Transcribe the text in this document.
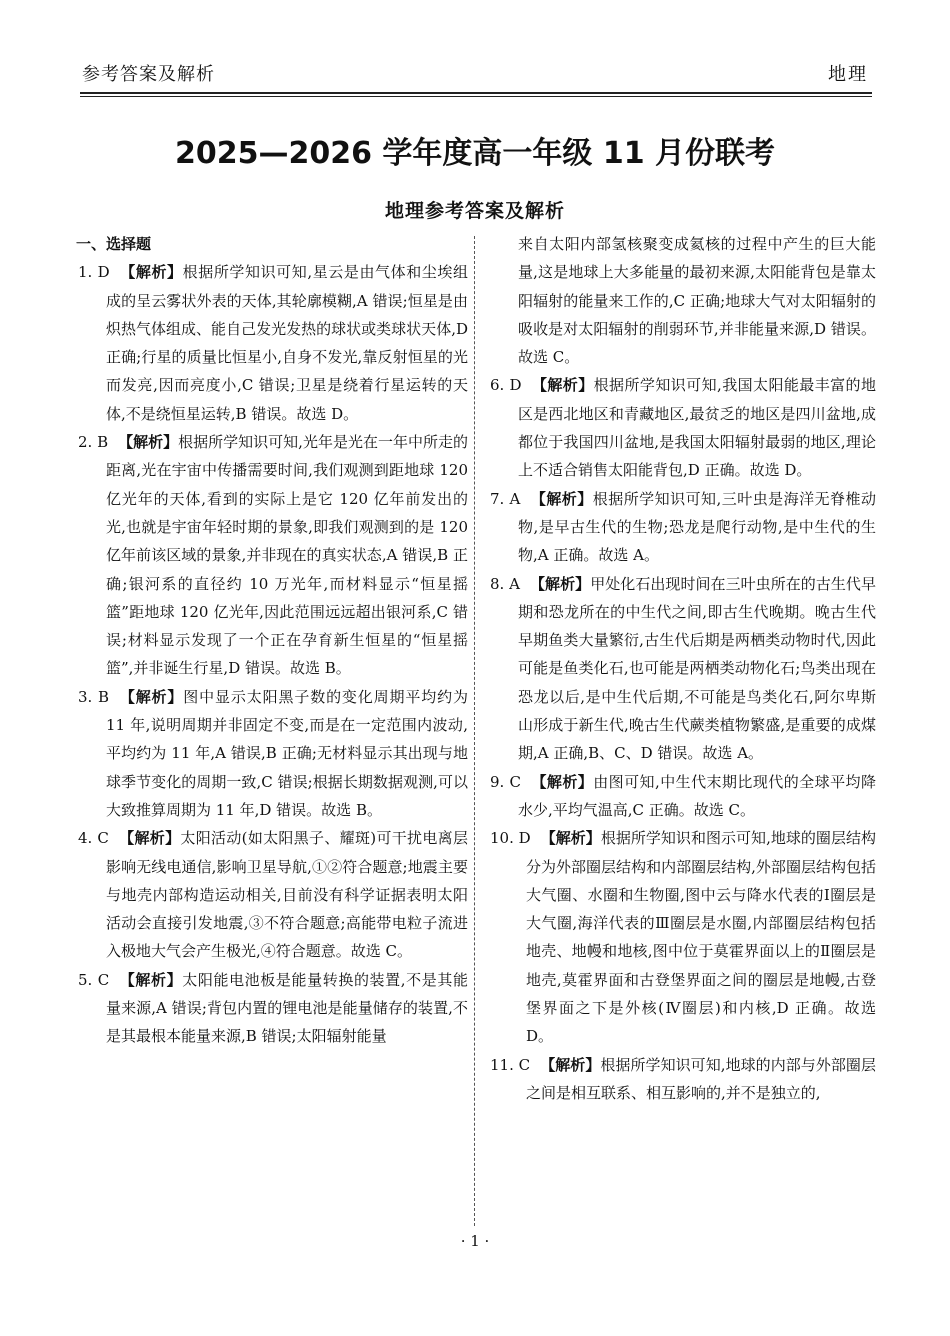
参考答案及解析	地理
2025—2026 学年度高一年级 11 月份联考
地理参考答案及解析
一、选择题
1. D 【解析】根据所学知识可知,星云是由气体和尘埃组成的呈云雾状外表的天体,其轮廓模糊,A 错误;恒星是由炽热气体组成、能自己发光发热的球状或类球状天体,D 正确;行星的质量比恒星小,自身不发光,靠反射恒星的光而发亮,因而亮度小,C 错误;卫星是绕着行星运转的天体,不是绕恒星运转,B 错误。故选 D。
2. B 【解析】根据所学知识可知,光年是光在一年中所走的距离,光在宇宙中传播需要时间,我们观测到距地球 120 亿光年的天体,看到的实际上是它 120 亿年前发出的光,也就是宇宙年轻时期的景象,即我们观测到的是 120 亿年前该区域的景象,并非现在的真实状态,A 错误,B 正确;银河系的直径约 10 万光年,而材料显示“恒星摇篮”距地球 120 亿光年,因此范围远远超出银河系,C 错误;材料显示发现了一个正在孕育新生恒星的“恒星摇篮”,并非诞生行星,D 错误。故选 B。
3. B 【解析】图中显示太阳黑子数的变化周期平均约为 11 年,说明周期并非固定不变,而是在一定范围内波动,平均约为 11 年,A 错误,B 正确;无材料显示其出现与地球季节变化的周期一致,C 错误;根据长期数据观测,可以大致推算周期为 11 年,D 错误。故选 B。
4. C 【解析】太阳活动(如太阳黑子、耀斑)可干扰电离层影响无线电通信,影响卫星导航,①②符合题意;地震主要与地壳内部构造运动相关,目前没有科学证据表明太阳活动会直接引发地震,③不符合题意;高能带电粒子流进入极地大气会产生极光,④符合题意。故选 C。
5. C 【解析】太阳能电池板是能量转换的装置,不是其能量来源,A 错误;背包内置的锂电池是能量储存的装置,不是其最根本能量来源,B 错误;太阳辐射能量
来自太阳内部氢核聚变成氦核的过程中产生的巨大能量,这是地球上大多能量的最初来源,太阳能背包是靠太阳辐射的能量来工作的,C 正确;地球大气对太阳辐射的吸收是对太阳辐射的削弱环节,并非能量来源,D 错误。故选 C。
6. D 【解析】根据所学知识可知,我国太阳能最丰富的地区是西北地区和青藏地区,最贫乏的地区是四川盆地,成都位于我国四川盆地,是我国太阳辐射最弱的地区,理论上不适合销售太阳能背包,D 正确。故选 D。
7. A 【解析】根据所学知识可知,三叶虫是海洋无脊椎动物,是早古生代的生物;恐龙是爬行动物,是中生代的生物,A 正确。故选 A。
8. A 【解析】甲处化石出现时间在三叶虫所在的古生代早期和恐龙所在的中生代之间,即古生代晚期。晚古生代早期鱼类大量繁衍,古生代后期是两栖类动物时代,因此可能是鱼类化石,也可能是两栖类动物化石;鸟类出现在恐龙以后,是中生代后期,不可能是鸟类化石,阿尔卑斯山形成于新生代,晚古生代蕨类植物繁盛,是重要的成煤期,A 正确,B、C、D 错误。故选 A。
9. C 【解析】由图可知,中生代末期比现代的全球平均降水少,平均气温高,C 正确。故选 C。
10. D 【解析】根据所学知识和图示可知,地球的圈层结构分为外部圈层结构和内部圈层结构,外部圈层结构包括大气圈、水圈和生物圈,图中云与降水代表的Ⅰ圈层是大气圈,海洋代表的Ⅲ圈层是水圈,内部圈层结构包括地壳、地幔和地核,图中位于莫霍界面以上的Ⅱ圈层是地壳,莫霍界面和古登堡界面之间的圈层是地幔,古登堡界面之下是外核(Ⅳ圈层)和内核,D 正确。故选 D。
11. C 【解析】根据所学知识可知,地球的内部与外部圈层之间是相互联系、相互影响的,并不是独立的,
· 1 ·
